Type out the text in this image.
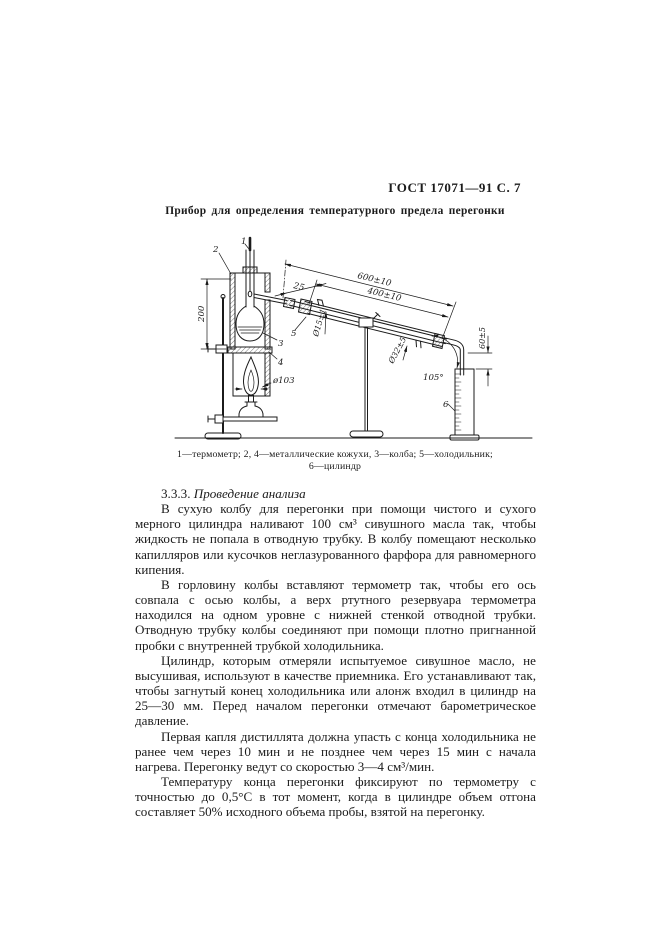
ГОСТ 17071—91 С. 7
Прибор для определения температурного предела перегонки
1
2
3
4
5
6
600±10
400±10
25
200
60±5
Ø15±1
Ø32±5
105°
ø103
1—термометр; 2, 4—металлические кожухи, 3—колба; 5—холодильник;
6—цилиндр

3.3.3. Проведение анализа

В сухую колбу для перегонки при помощи чистого и сухого мерного цилиндра наливают 100 см³ сивушного масла так, чтобы жидкость не попала в отводную трубку. В колбу помещают несколько капилляров или кусочков неглазурованного фарфора для равномерного кипения.

В горловину колбы вставляют термометр так, чтобы его ось совпала с осью колбы, а верх ртутного резервуара термометра находился на одном уровне с нижней стенкой отводной трубки. Отводную трубку колбы соединяют при помощи плотно пригнанной пробки с внутренней трубкой холодильника.

Цилиндр, которым отмеряли испытуемое сивушное масло, не высушивая, используют в качестве приемника. Его устанавливают так, чтобы загнутый конец холодильника или алонж входил в цилиндр на 25—30 мм. Перед началом перегонки отмечают барометрическое давление.

Первая капля дистиллята должна упасть с конца холодильника не ранее чем через 10 мин и не позднее чем через 15 мин с начала нагрева. Перегонку ведут со скоростью 3—4 см³/мин.

Температуру конца перегонки фиксируют по термометру с точностью до 0,5°С в тот момент, когда в цилиндре объем отгона составляет 50% исходного объема пробы, взятой на перегонку.
